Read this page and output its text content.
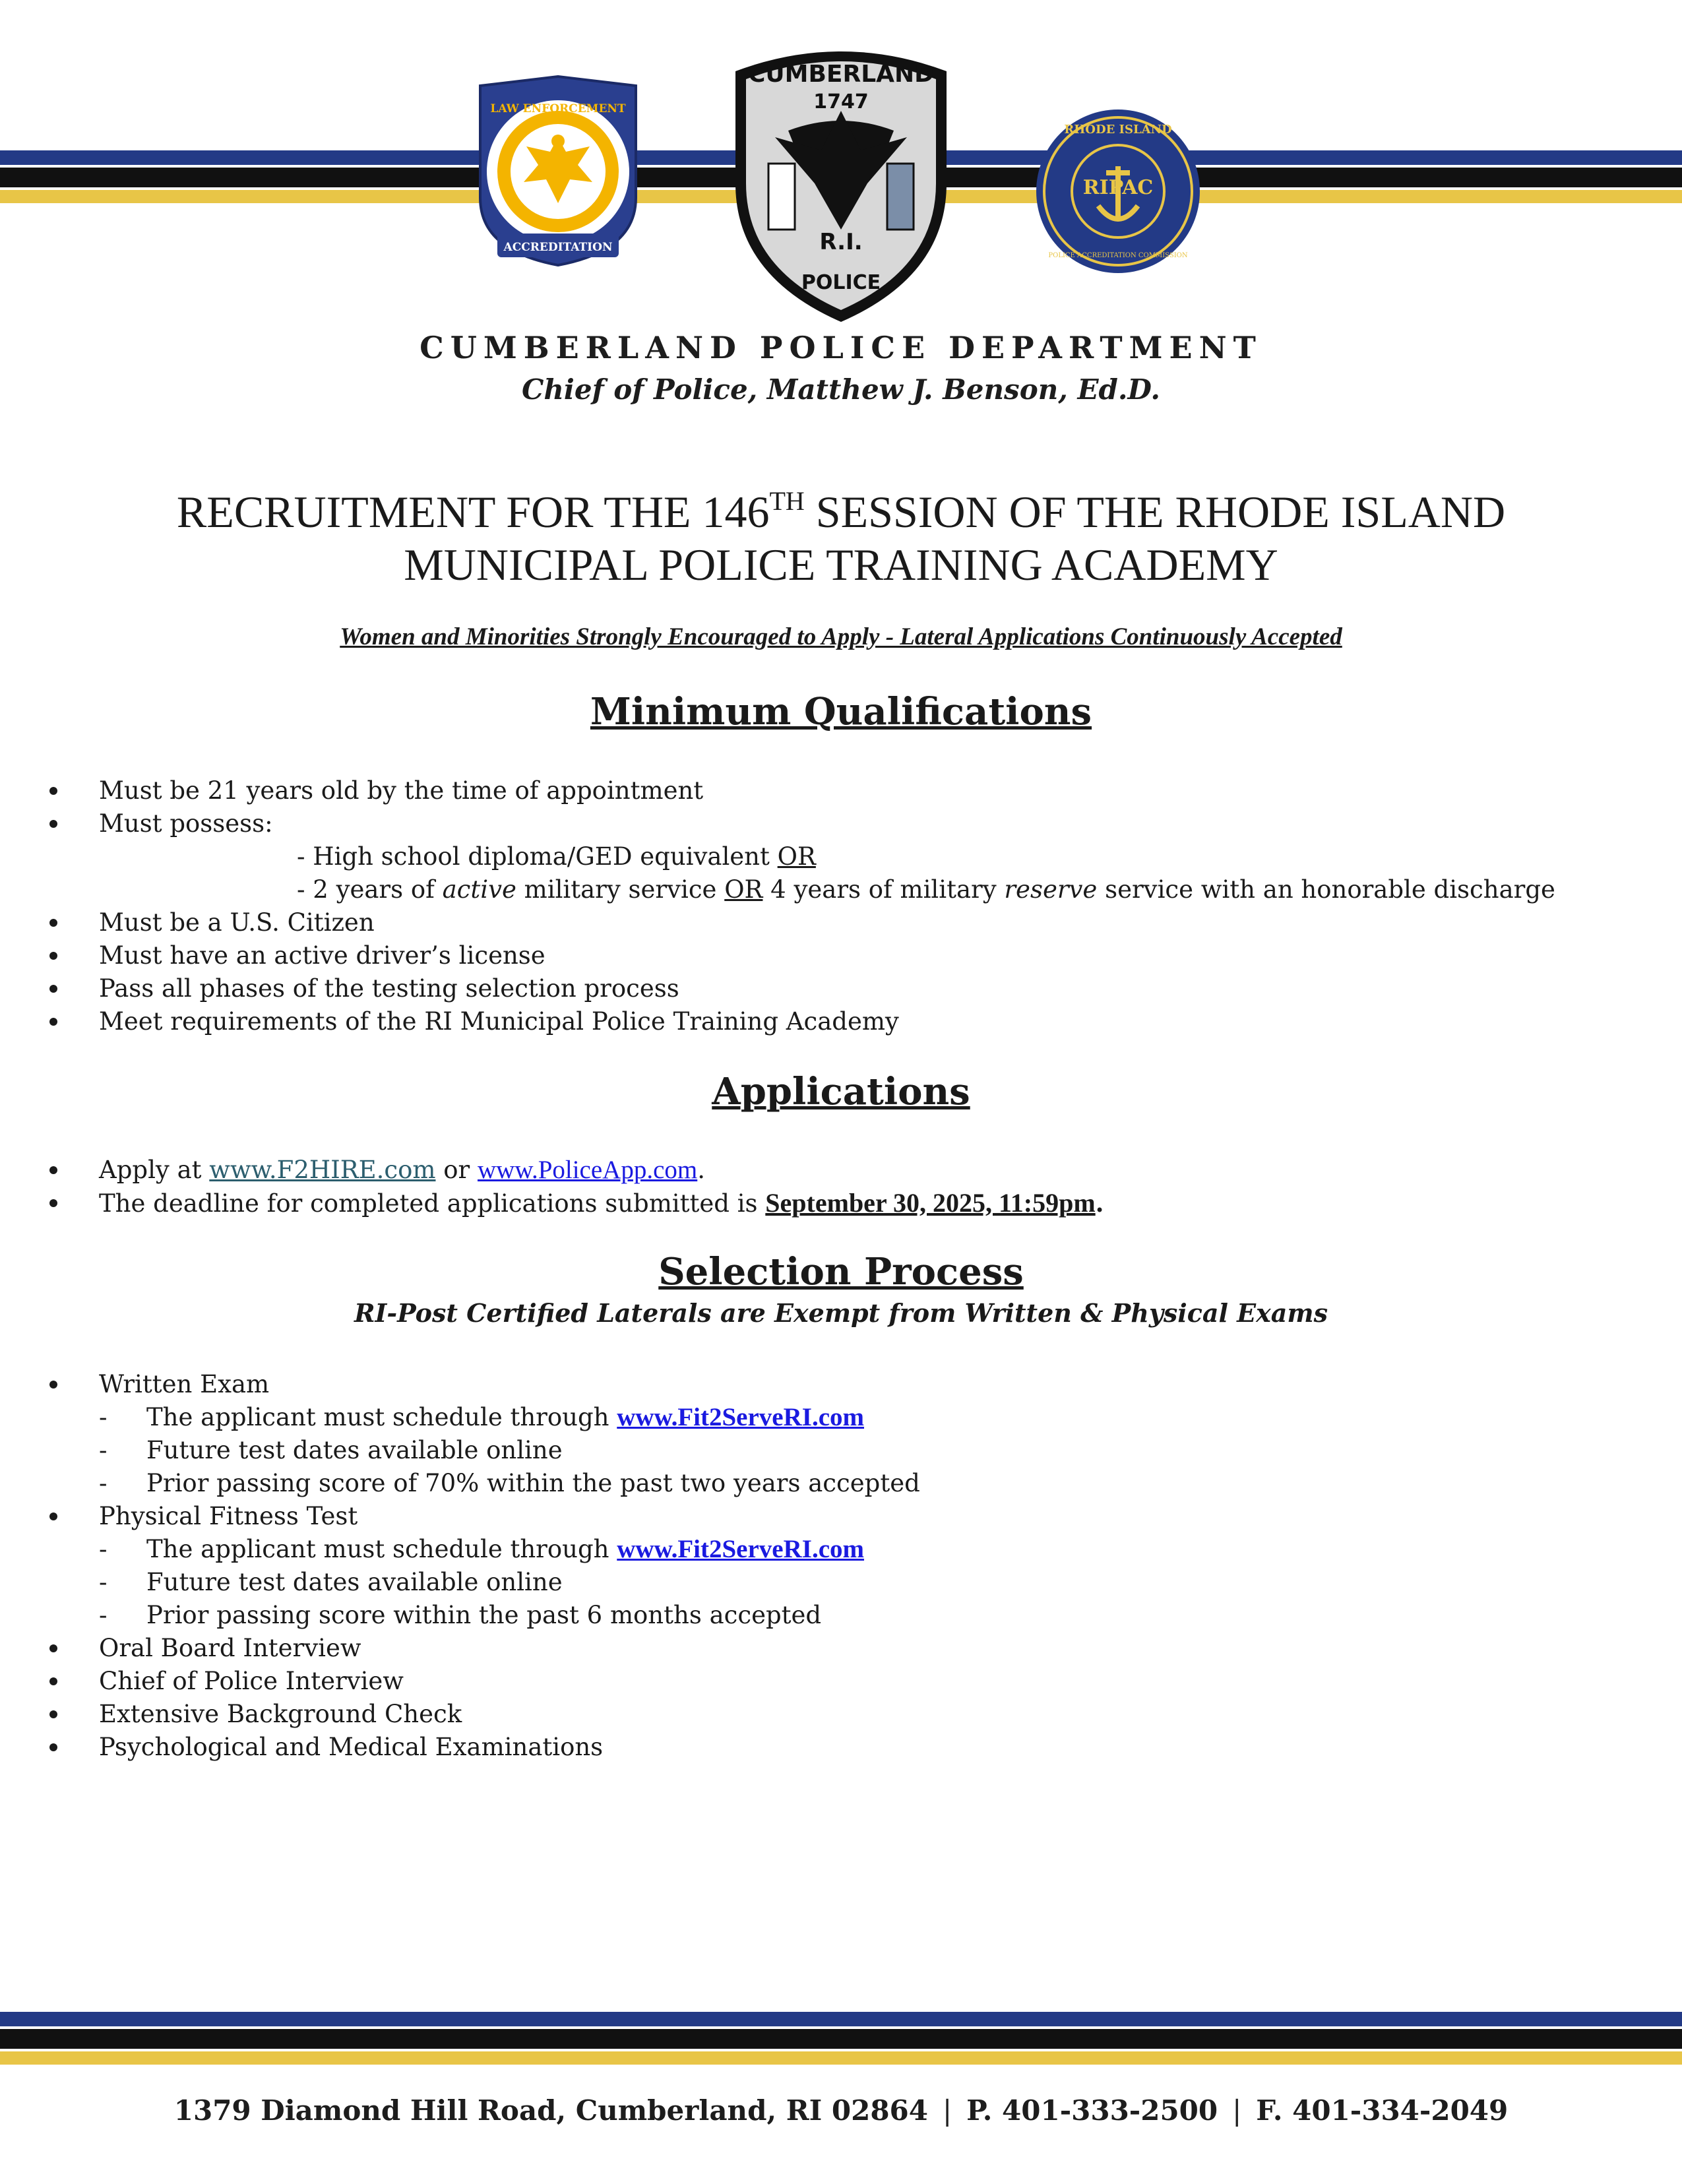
LAW ENFORCEMENT
ACCREDITATION
CUMBERLAND
1747
R.I.
POLICE
RHODE ISLAND
RIPAC
POLICE ACCREDITATION COMMISSION
CUMBERLAND POLICE DEPARTMENT
Chief of Police, Matthew J. Benson, Ed.D.
RECRUITMENT FOR THE 146TH SESSION OF THE RHODE ISLAND
MUNICIPAL POLICE TRAINING ACADEMY
Women and Minorities Strongly Encouraged to Apply - Lateral Applications Continuously Accepted
Minimum Qualifications
Must be 21 years old by the time of appointment
Must possess:
- High school diploma/GED equivalent OR
- 2 years of active military service OR 4 years of military reserve service with an honorable discharge
Must be a U.S. Citizen
Must have an active driver’s license
Pass all phases of the testing selection process
Meet requirements of the RI Municipal Police Training Academy
Applications
Apply at www.F2HIRE.com or www.PoliceApp.com.
The deadline for completed applications submitted is September 30, 2025, 11:59pm.
Selection Process
RI-Post Certified Laterals are Exempt from Written & Physical Exams
Written Exam
- The applicant must schedule through www.Fit2ServeRI.com
- Future test dates available online
- Prior passing score of 70% within the past two years accepted
Physical Fitness Test
- The applicant must schedule through www.Fit2ServeRI.com
- Future test dates available online
- Prior passing score within the past 6 months accepted
Oral Board Interview
Chief of Police Interview
Extensive Background Check
Psychological and Medical Examinations
1379 Diamond Hill Road, Cumberland, RI 02864 | P. 401-333-2500 | F. 401-334-2049
